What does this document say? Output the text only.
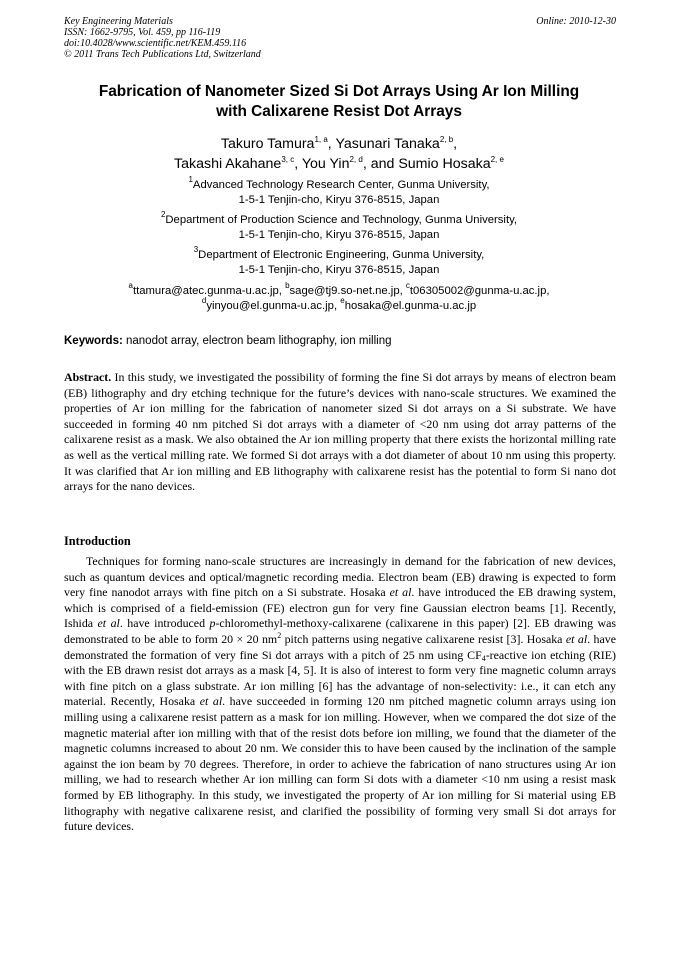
Key Engineering Materials
ISSN: 1662-9795, Vol. 459, pp 116-119
doi:10.4028/www.scientific.net/KEM.459.116
© 2011 Trans Tech Publications Ltd, Switzerland
Online: 2010-12-30
Fabrication of Nanometer Sized Si Dot Arrays Using Ar Ion Milling
with Calixarene Resist Dot Arrays
Takuro Tamura$^{1, a}$, Yasunari Tanaka$^{2, b}$,
Takashi Akahane$^{3, c}$, You Yin$^{2, d}$, and Sumio Hosaka$^{2, e}$
$^1$Advanced Technology Research Center, Gunma University,
1-5-1 Tenjin-cho, Kiryu 376-8515, Japan
$^2$Department of Production Science and Technology, Gunma University,
1-5-1 Tenjin-cho, Kiryu 376-8515, Japan
$^3$Department of Electronic Engineering, Gunma University,
1-5-1 Tenjin-cho, Kiryu 376-8515, Japan
$^a$ttamura@atec.gunma-u.ac.jp, $^b$sage@tj9.so-net.ne.jp, $^c$t06305002@gunma-u.ac.jp,
$^d$yinyou@el.gunma-u.ac.jp, $^e$hosaka@el.gunma-u.ac.jp
Keywords: nanodot array, electron beam lithography, ion milling
Abstract. In this study, we investigated the possibility of forming the fine Si dot arrays by means of electron beam (EB) lithography and dry etching technique for the future’s devices with nano-scale structures. We examined the properties of Ar ion milling for the fabrication of nanometer sized Si dot arrays on a Si substrate. We have succeeded in forming 40 nm pitched Si dot arrays with a diameter of <20 nm using dot array patterns of the calixarene resist as a mask. We also obtained the Ar ion milling property that there exists the horizontal milling rate as well as the vertical milling rate. We formed Si dot arrays with a dot diameter of about 10 nm using this property. It was clarified that Ar ion milling and EB lithography with calixarene resist has the potential to form Si nano dot arrays for the nano devices.
Introduction
Techniques for forming nano-scale structures are increasingly in demand for the fabrication of new devices, such as quantum devices and optical/magnetic recording media. Electron beam (EB) drawing is expected to form very fine nanodot arrays with fine pitch on a Si substrate. Hosaka et al. have introduced the EB drawing system, which is comprised of a field-emission (FE) electron gun for very fine Gaussian electron beams [1]. Recently, Ishida et al. have introduced p-chloromethyl-methoxy-calixarene (calixarene in this paper) [2]. EB drawing was demonstrated to be able to form 20 × 20 $nm^2$ pitch patterns using negative calixarene resist [3]. Hosaka et al. have demonstrated the formation of very fine Si dot arrays with a pitch of 25 nm using $CF_4$-reactive ion etching (RIE) with the EB drawn resist dot arrays as a mask [4, 5]. It is also of interest to form very fine magnetic column arrays with fine pitch on a glass substrate. Ar ion milling [6] has the advantage of non-selectivity: i.e., it can etch any material. Recently, Hosaka et al. have succeeded in forming 120 nm pitched magnetic column arrays using ion milling using a calixarene resist pattern as a mask for ion milling. However, when we compared the dot size of the magnetic material after ion milling with that of the resist dots before ion milling, we found that the diameter of the magnetic columns increased to about 20 nm. We consider this to have been caused by the inclination of the sample against the ion beam by 70 degrees. Therefore, in order to achieve the fabrication of nano structures using Ar ion milling, we had to research whether Ar ion milling can form Si dots with a diameter <10 nm using a resist mask formed by EB lithography. In this study, we investigated the property of Ar ion milling for Si material using EB lithography with negative calixarene resist, and clarified the possibility of forming very small Si dot arrays for future devices.
